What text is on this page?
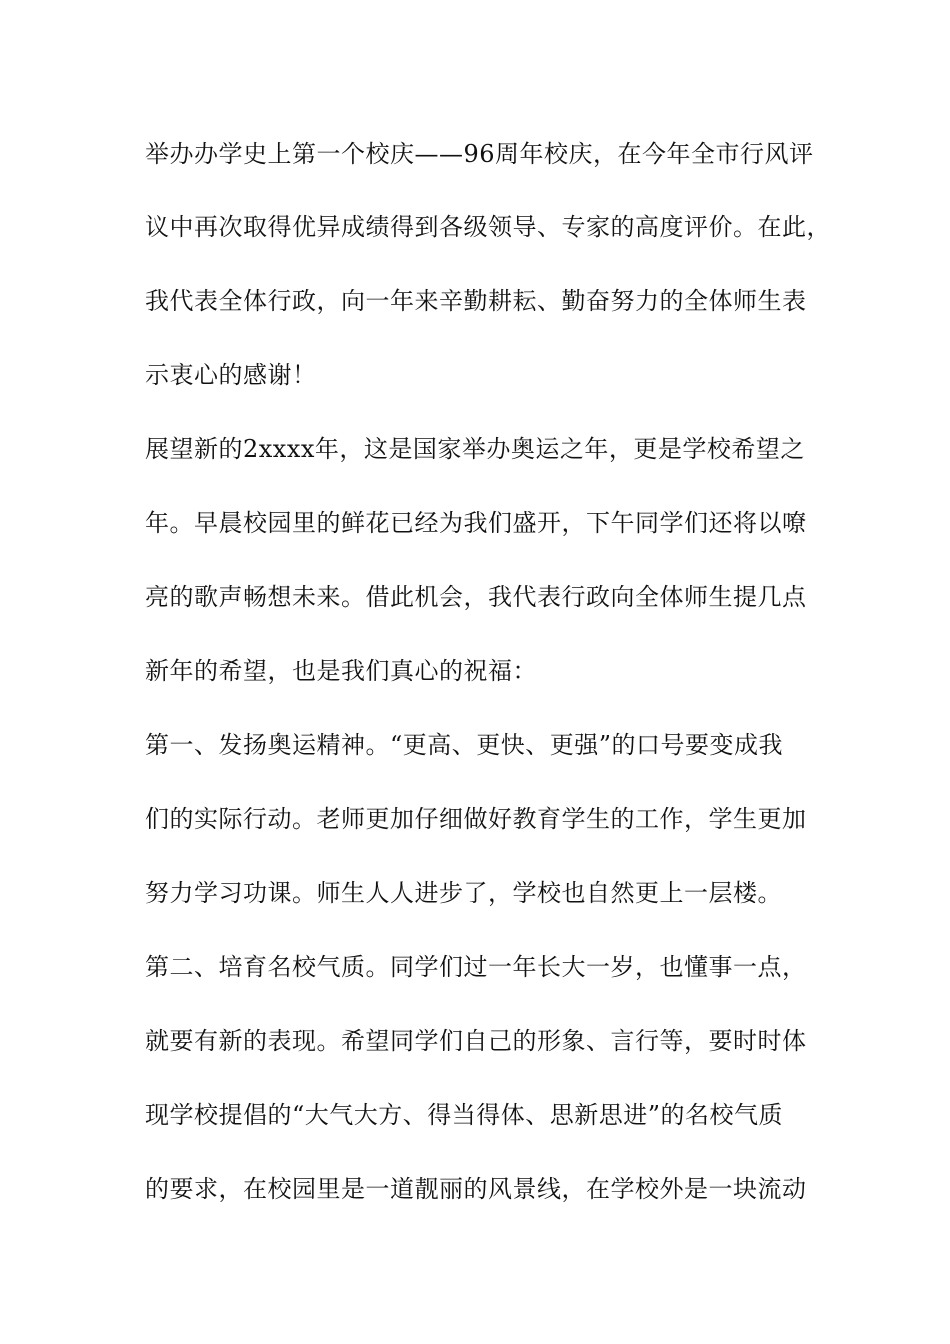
举办办学史上第一个校庆——96周年校庆，在今年全市行风评
议中再次取得优异成绩得到各级领导、专家的高度评价。在此，
我代表全体行政，向一年来辛勤耕耘、勤奋努力的全体师生表
示衷心的感谢！
展望新的2xxxx年，这是国家举办奥运之年，更是学校希望之
年。早晨校园里的鲜花已经为我们盛开，下午同学们还将以嘹
亮的歌声畅想未来。借此机会，我代表行政向全体师生提几点
新年的希望，也是我们真心的祝福：
第一、发扬奥运精神。“更高、更快、更强”的口号要变成我
们的实际行动。老师更加仔细做好教育学生的工作，学生更加
努力学习功课。师生人人进步了，学校也自然更上一层楼。
第二、培育名校气质。同学们过一年长大一岁，也懂事一点，
就要有新的表现。希望同学们自己的形象、言行等，要时时体
现学校提倡的“大气大方、得当得体、思新思进”的名校气质
的要求，在校园里是一道靓丽的风景线，在学校外是一块流动
